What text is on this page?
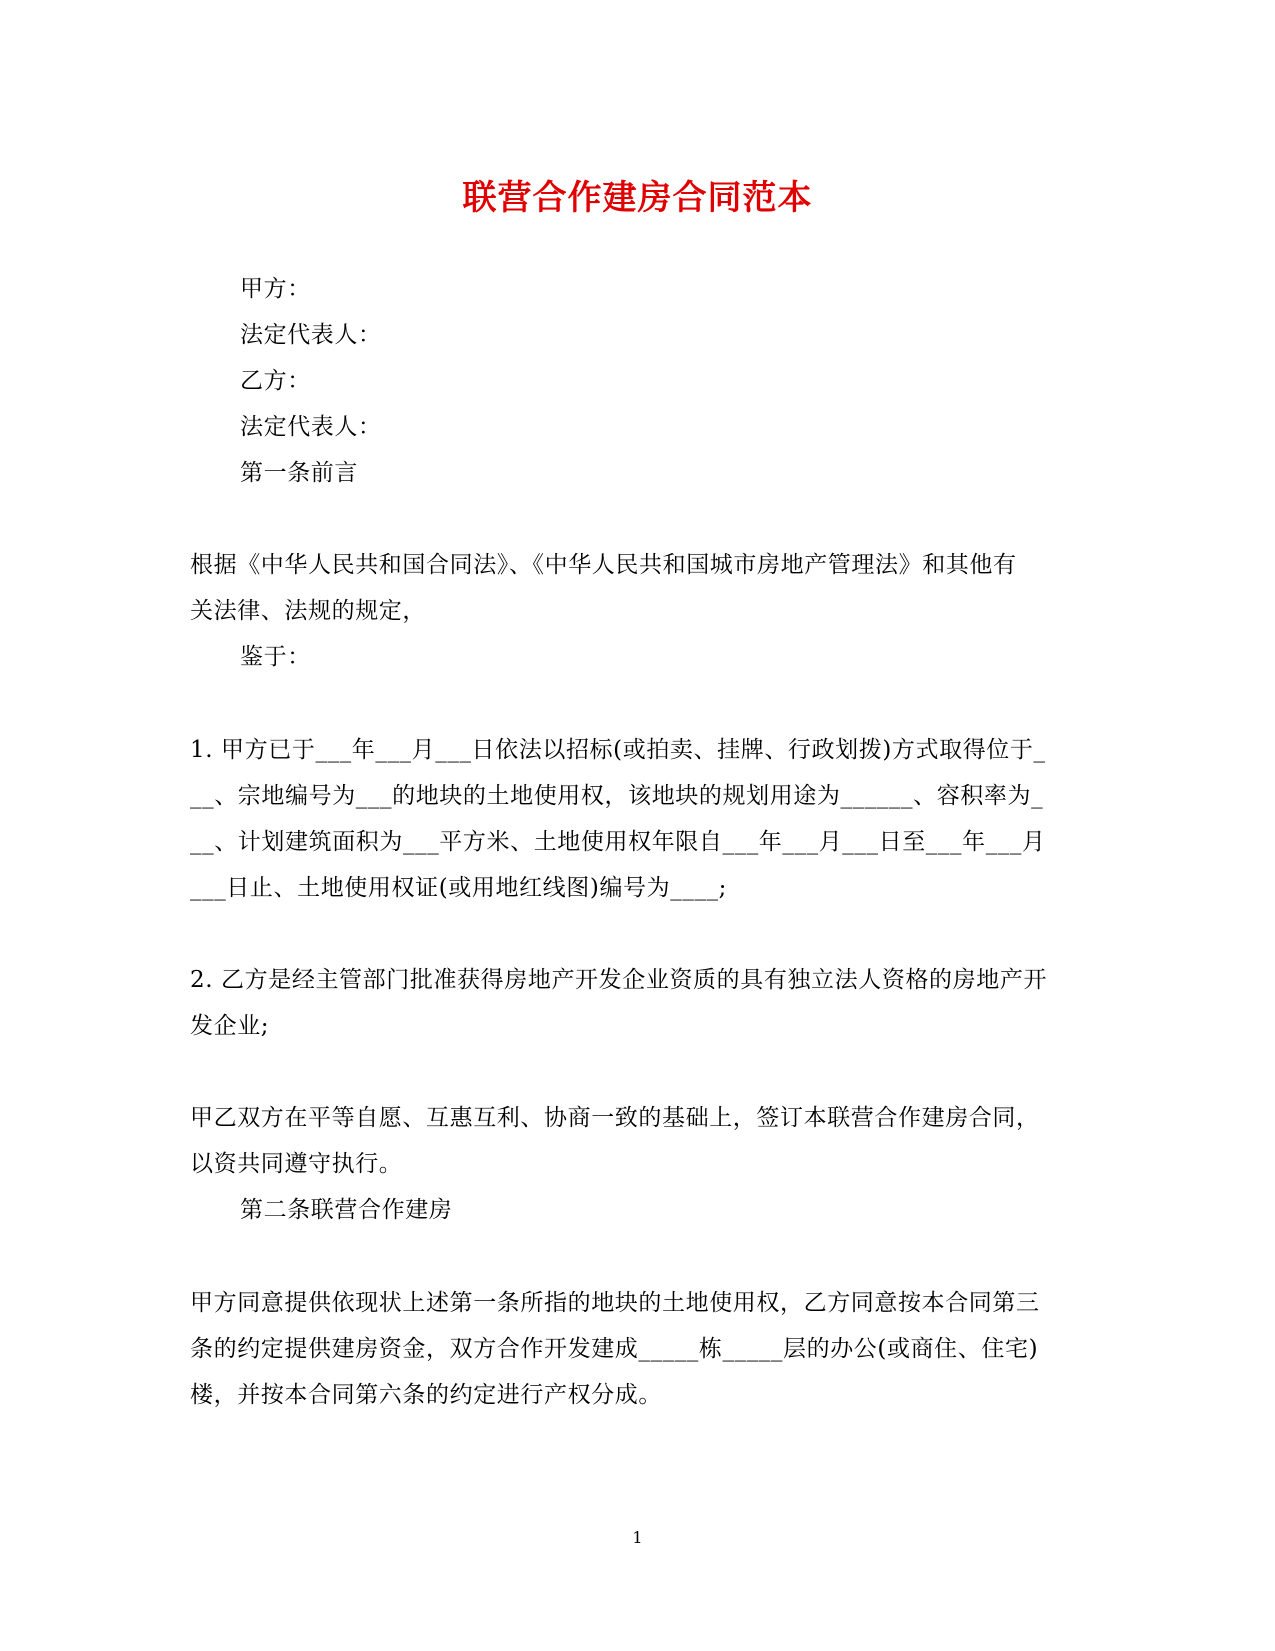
联营合作建房合同范本
甲方：
法定代表人：
乙方：
法定代表人：
第一条前言
根据《中华人民共和国合同法》、《中华人民共和国城市房地产管理法》和其他有
关法律、法规的规定，
鉴于：
1. 甲方已于___年___月___日依法以招标(或拍卖、挂牌、行政划拨)方式取得位于_
__、宗地编号为___的地块的土地使用权，该地块的规划用途为______、容积率为_
__、计划建筑面积为___平方米、土地使用权年限自___年___月___日至___年___月
___日止、土地使用权证(或用地红线图)编号为____;
2. 乙方是经主管部门批准获得房地产开发企业资质的具有独立法人资格的房地产开
发企业;
甲乙双方在平等自愿、互惠互利、协商一致的基础上，签订本联营合作建房合同，
以资共同遵守执行。
第二条联营合作建房
甲方同意提供依现状上述第一条所指的地块的土地使用权，乙方同意按本合同第三
条的约定提供建房资金，双方合作开发建成_____栋_____层的办公(或商住、住宅)
楼，并按本合同第六条的约定进行产权分成。
1
